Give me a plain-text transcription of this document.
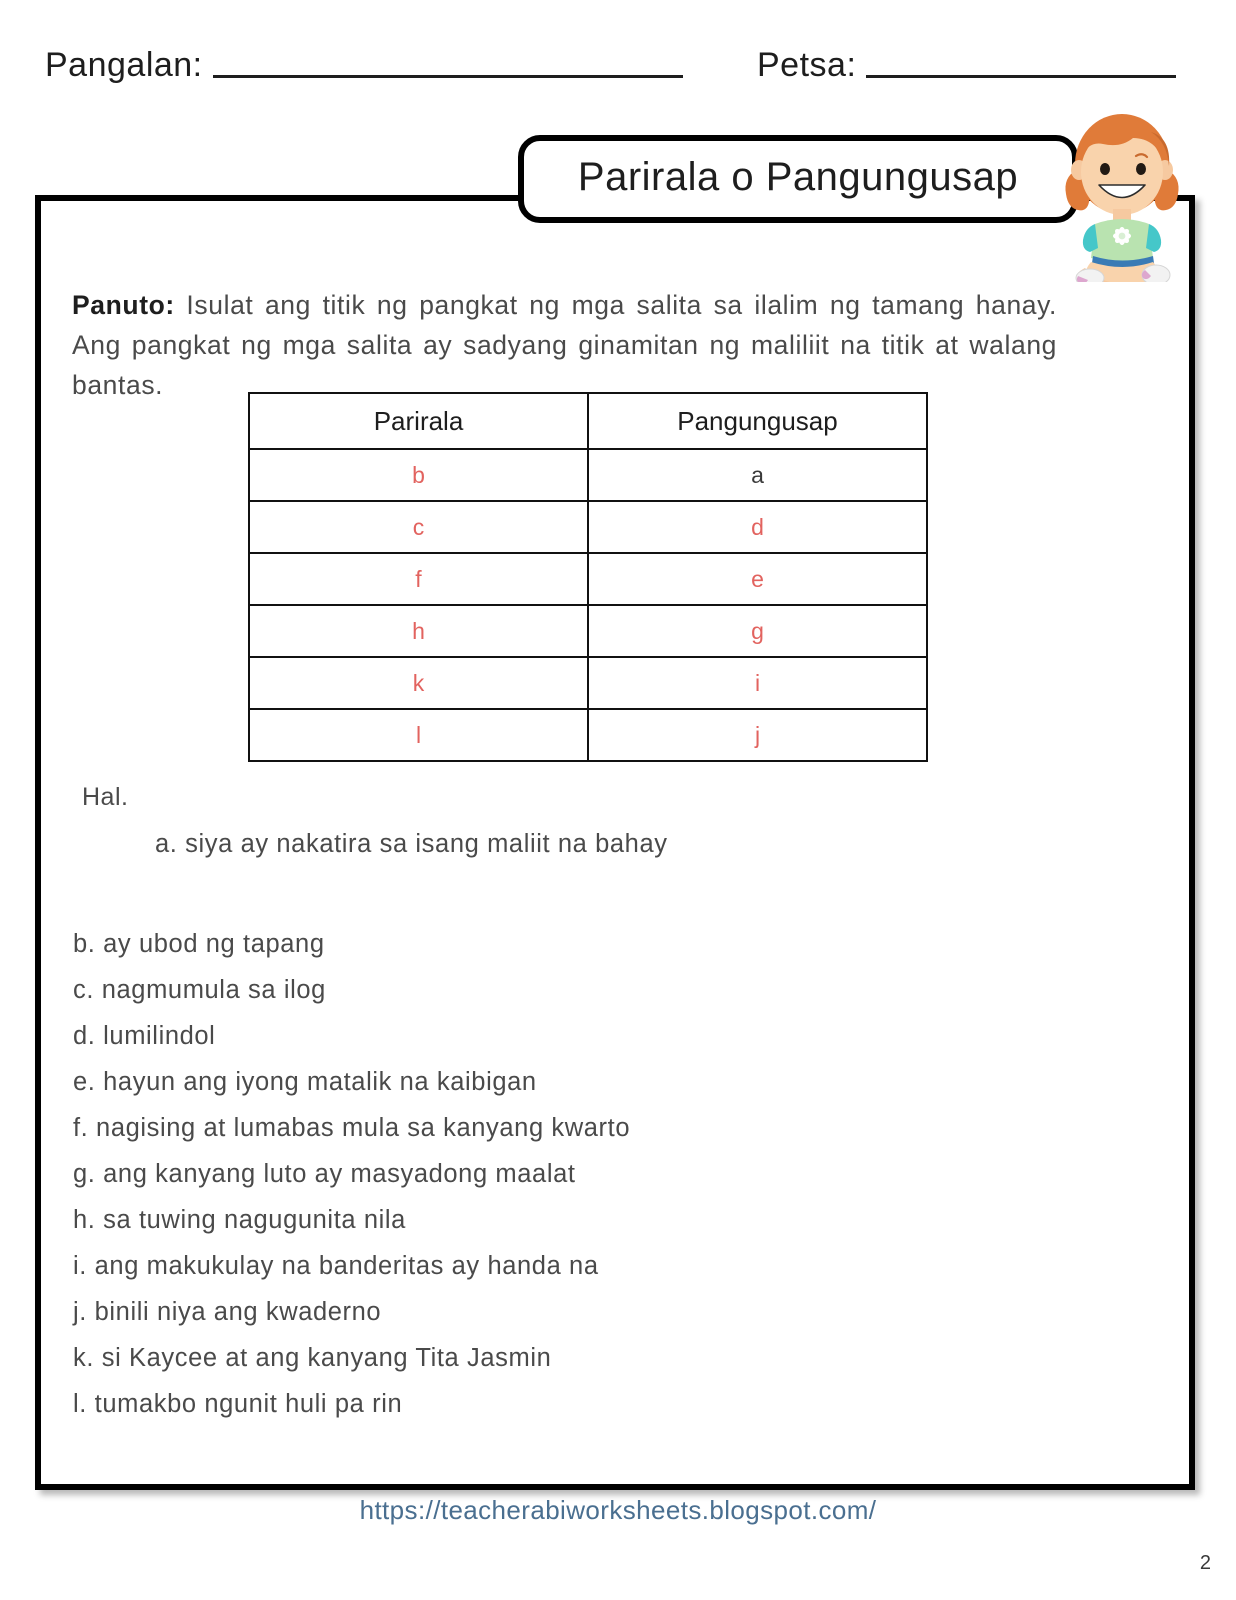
Pangalan:	Petsa:
Parirala o Pangungusap

Panuto: Isulat ang titik ng pangkat ng mga salita sa ilalim ng tamang hanay. Ang pangkat ng mga salita ay sadyang ginamitan ng maliliit na titik at walang bantas.

Parirala	Pangungusap
b	a
c	d
f	e
h	g
k	i
l	j
Hal.
a. siya ay nakatira sa isang maliit na bahay
b. ay ubod ng tapang
c. nagmumula sa ilog
d. lumilindol
e. hayun ang iyong matalik na kaibigan
f. nagising at lumabas mula sa kanyang kwarto
g. ang kanyang luto ay masyadong maalat
h. sa tuwing nagugunita nila
i. ang makukulay na banderitas ay handa na
j. binili niya ang kwaderno
k. si Kaycee at ang kanyang Tita Jasmin
l. tumakbo ngunit huli pa rin
https://teacherabiworksheets.blogspot.com/
2
